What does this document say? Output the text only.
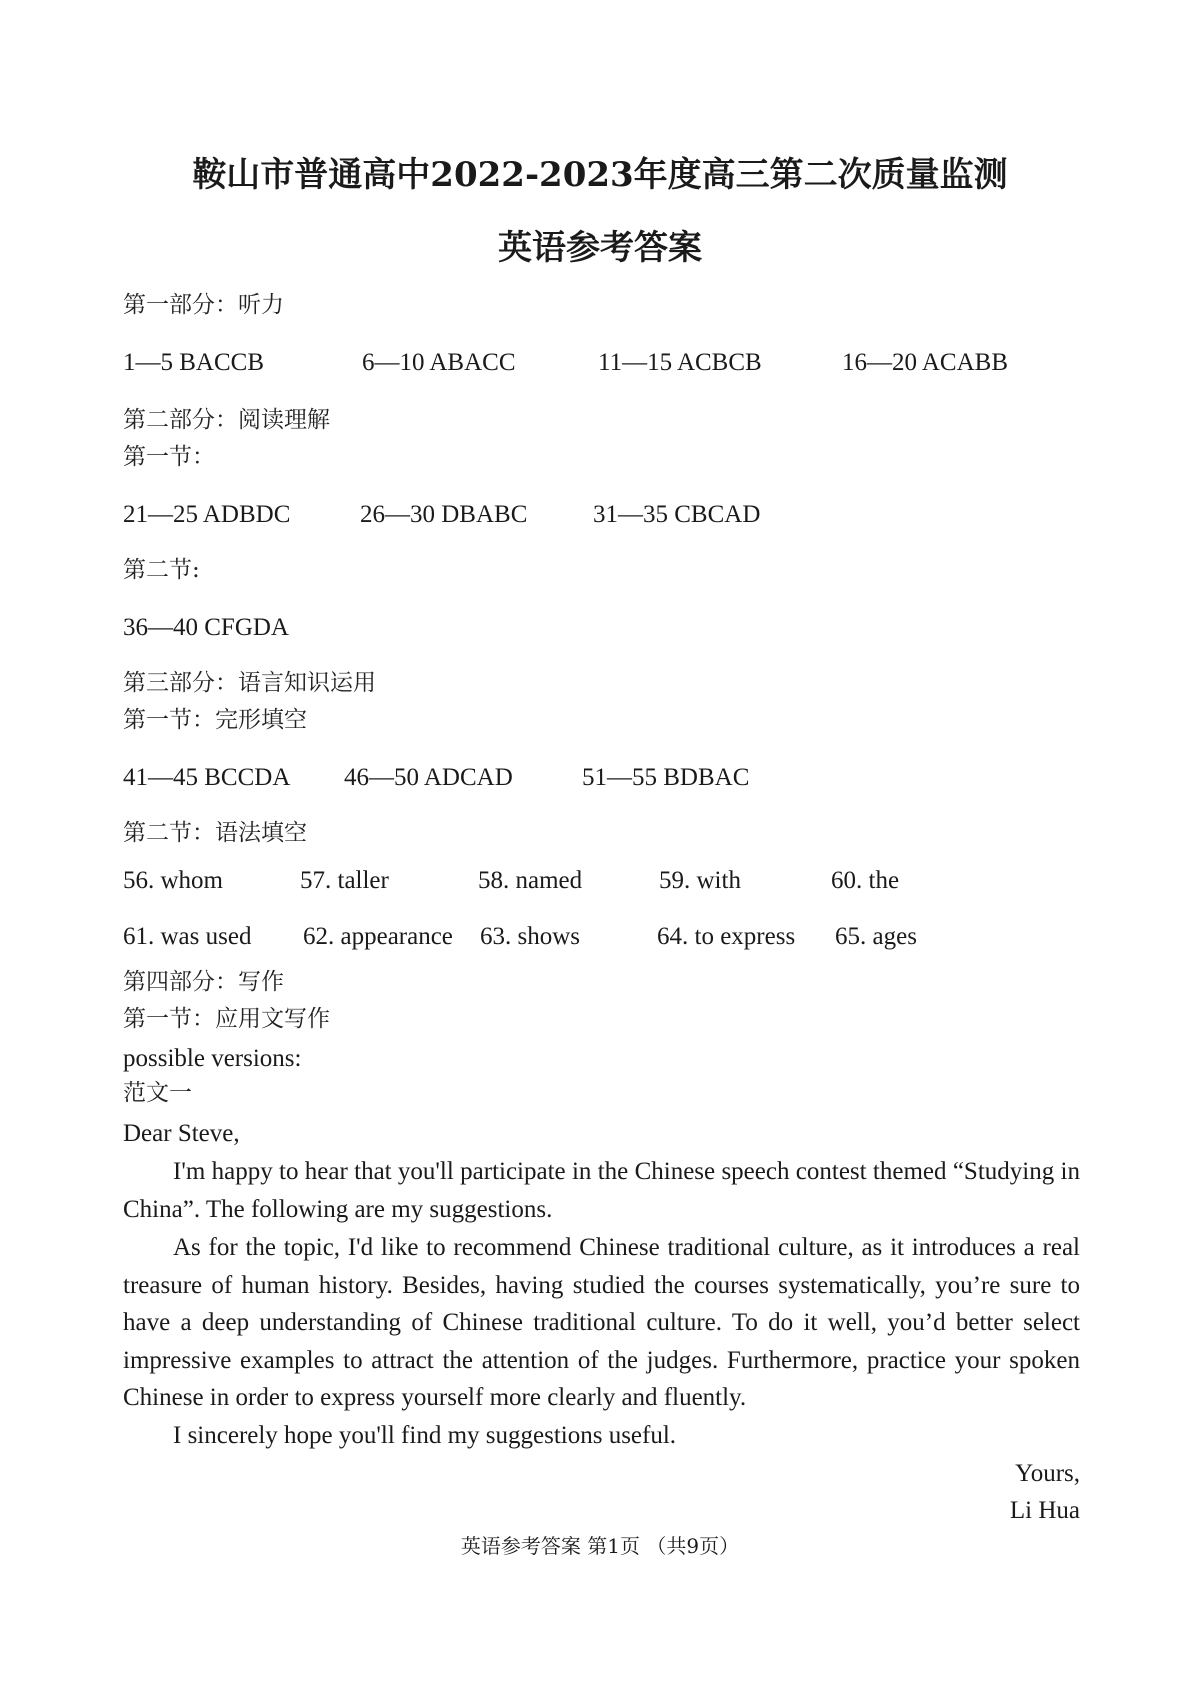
鞍山市普通高中2022-2023年度高三第二次质量监测
英语参考答案
第一部分：听力
1—5 BACCB	6—10 ABACC	11—15 ACBCB	16—20 ACABB
第二部分：阅读理解
第一节：
21—25 ADBDC	26—30 DBABC	31—35 CBCAD
第二节:
36—40 CFGDA
第三部分：语言知识运用
第一节：完形填空
41—45 BCCDA 46—50 ADCAD	51—55 BDBAC
第二节：语法填空
56. whom	57. taller	58. named	59. with	60. the
61. was used 62. appearance 63. shows	64. to express 65. ages
第四部分：写作
第一节：应用文写作
possible versions:
范文一
Dear Steve,
I'm happy to hear that you'll participate in the Chinese speech contest themed “Studying in China”. The following are my suggestions.
As for the topic, I'd like to recommend Chinese traditional culture, as it introduces a real treasure of human history. Besides, having studied the courses systematically, you’re sure to have a deep understanding of Chinese traditional culture. To do it well, you’d better select impressive examples to attract the attention of the judges. Furthermore, practice your spoken Chinese in order to express yourself more clearly and fluently.
I sincerely hope you'll find my suggestions useful.
Yours,
Li Hua
英语参考答案 第1页 （共9页）
